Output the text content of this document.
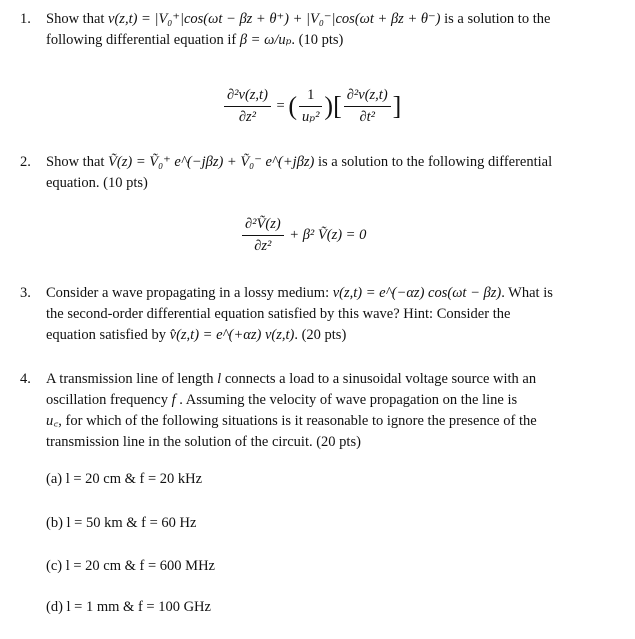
1. Show that v(z,t) = |V₀⁺|cos(ωt − βz + θ⁺) + |V₀⁻|cos(ωt + βz + θ⁻) is a solution to the
following differential equation if β = ω/uₚ. (10 pts)
$\frac{\text{∂²v(z,t)}}{\text{∂z²}}$ = ( $\frac{1}{\text{uₚ²}}$ )[ $\frac{\text{∂²v(z,t)}}{\text{∂t²}}$ ]
2. Show that Ṽ(z) = Ṽ₀⁺ e^(−jβz) + Ṽ₀⁻ e^(+jβz) is a solution to the following differential
equation. (10 pts)
$\frac{\text{∂²Ṽ(z)}}{\text{∂z²}} + \beta^2$ Ṽ(z) = 0
3. Consider a wave propagating in a lossy medium: v(z,t) = e^(−αz) cos(ωt − βz). What is
the second-order differential equation satisfied by this wave? Hint: Consider the
equation satisfied by v̂(z,t) = e^(+αz) v(z,t). (20 pts)
4. A transmission line of length l connects a load to a sinusoidal voltage source with an
oscillation frequency f . Assuming the velocity of wave propagation on the line is
u꜀, for which of the following situations is it reasonable to ignore the presence of the
transmission line in the solution of the circuit. (20 pts)
(a) l = 20 cm & f = 20 kHz
(b) l = 50 km & f = 60 Hz
(c) l = 20 cm & f = 600 MHz
(d) l = 1 mm & f = 100 GHz
